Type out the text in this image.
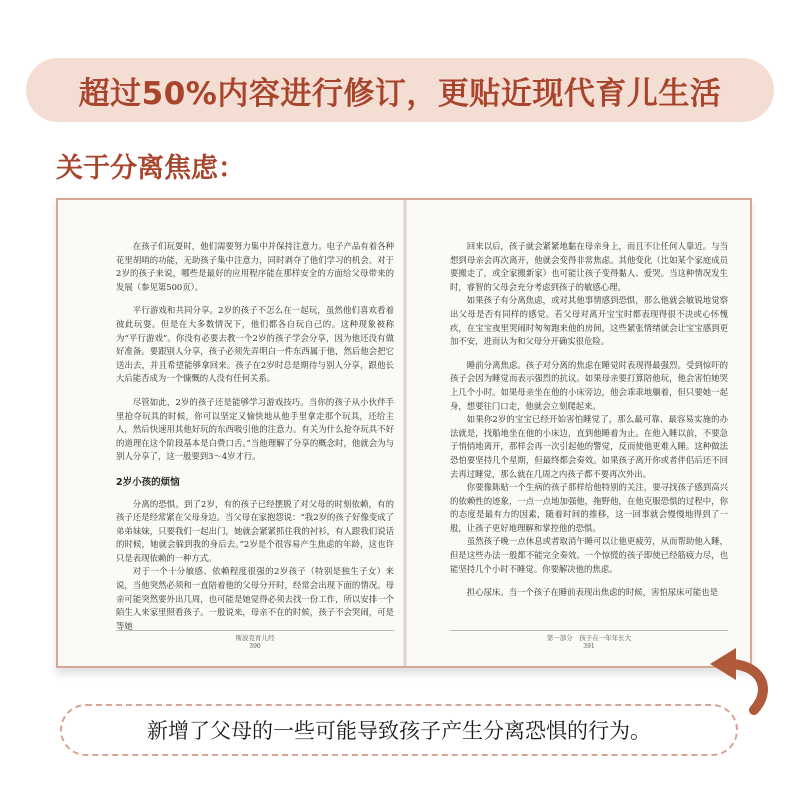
超过50%内容进行修订，更贴近现代育儿生活
关于分离焦虑：

在孩子们玩耍时，他们需要努力集中并保持注意力。电子产品有着各种花里胡哨的功能，无助孩子集中注意力，同时剥夺了他们学习的机会。对于2岁的孩子来说，哪些是最好的应用程序能在那样安全的方面给父母带来的发展（参见第500页）。

平行游戏和共同分享。2岁的孩子不怎么在一起玩，虽然他们喜欢看着彼此玩耍。但是在大多数情况下，他们都各自玩自己的。这种现象被称为“平行游戏”。你没有必要去教一个2岁的孩子学会分享，因为他还没有做好准备。要跟别人分享，孩子必须先弄明白一件东西属于他，然后他会把它送出去，并且希望能够拿回来。孩子在2岁时总是期待与别人分享，跟他长大后能否成为一个慷慨的人没有任何关系。

尽管如此，2岁的孩子还是能够学习游戏技巧。当你的孩子从小伙伴手里抢夺玩具的时候，你可以坚定又愉快地从他手里拿走那个玩具，还给主人，然后快速用其他好玩的东西吸引他的注意力。有关为什么抢夺玩具不好的道理在这个阶段基本是白费口舌。”当他理解了分享的概念时，他就会为与别人分享了，这一般要到3～4岁才行。

2岁小孩的烦恼

分离的恐惧。到了2岁，有的孩子已经摆脱了对父母的时刻依赖，有的孩子还是经常紧在父母身边。当父母在家抱怨说：“我2岁的孩子好像变成了弟弟妹妹，只要我们一起出门，她就会紧紧抓住我的衬衫，有人跟我们说话的时候，她就会躲到我的身后去。”2岁是个很容易产生焦虑的年龄，这也许只是表现依赖的一种方式。

对于一个十分敏感、依赖程度很强的2岁孩子（特别是独生子女）来说，当他突然必须和一直陪着他的父母分开时，经常会出现下面的情况。母亲可能突然要外出几周，也可能是她觉得必须去找一份工作，所以安排一个陌生人来家里照看孩子。一般说来，母亲不在的时候，孩子不会哭闹，可是等她

斯波克育儿经
390

回来以后，孩子就会紧紧地黏在母亲身上，而且不让任何人靠近。与当想到母亲会再次离开，他就会变得非常焦虑。其他变化（比如某个家庭成员要搬走了，或全家搬新家）也可能让孩子变得黏人、爱哭。当这种情况发生时，睿智的父母会充分考虑到孩子的敏感心理。

如果孩子有分离焦虑，或对其他事情感到恐惧，那么他就会敏锐地觉察出父母是否有同样的感觉。若父母对离开宝宝时都表现得很不决或心怀愧疚，在宝宝夜里哭闹时匆匆跑来他的房间，这些紧张情绪就会让宝宝感到更加不安，进而认为和父母分开确实很危险。

睡前分离焦虑。孩子对分离的焦虑在睡觉时表现得最强烈。受到惊吓的孩子会因为睡觉而表示强烈的抗议。如果母亲要打算陪他玩，他会害怕她哭上几个小时。如果母亲坐在他的小床旁边，他会乖乖地躺着，但只要她一起身，想要往门口走，他就会立刻爬起来。

如果你2岁的宝宝已经开始害怕睡觉了，那么最可靠、最容易实施的办法就是，找船地坐在他的小床边，直到他睡着为止。在他入睡以前，不要急于悄悄地离开，那样会再一次引起他的警觉，反而使他更难入睡。这种做法恐怕要坚持几个星期，但最终都会奏效。如果孩子离开你或者伴侣后还不回去再过睡觉，那么就在几周之内孩子都不要再次外出。

你要像陈贴一个生病的孩子那样给他特别的关注，要寻找孩子感到高兴的依赖性的迹象，一点一点地加强他，拖野他，在他克服恐惧的过程中，你的态度是最有力的因素，随着时间的推移，这一回事就会慢慢地得到了一般，让孩子更好地理解和掌控他的恐惧。

虽然孩子晚一点休息或者取消午睡可以让他更疲劳，从而帮助他入睡，但是这些办法一般都不能完全奏效。一个惊慌的孩子即使已经筋疲力尽，也能坚持几个小时不睡觉。你要解决他的焦虑。

担心尿床。当一个孩子在睡前表现出焦虑的时候，害怕尿床可能也是

第一部分　孩子在一年年长大
391
新增了父母的一些可能导致孩子产生分离恐惧的行为。
